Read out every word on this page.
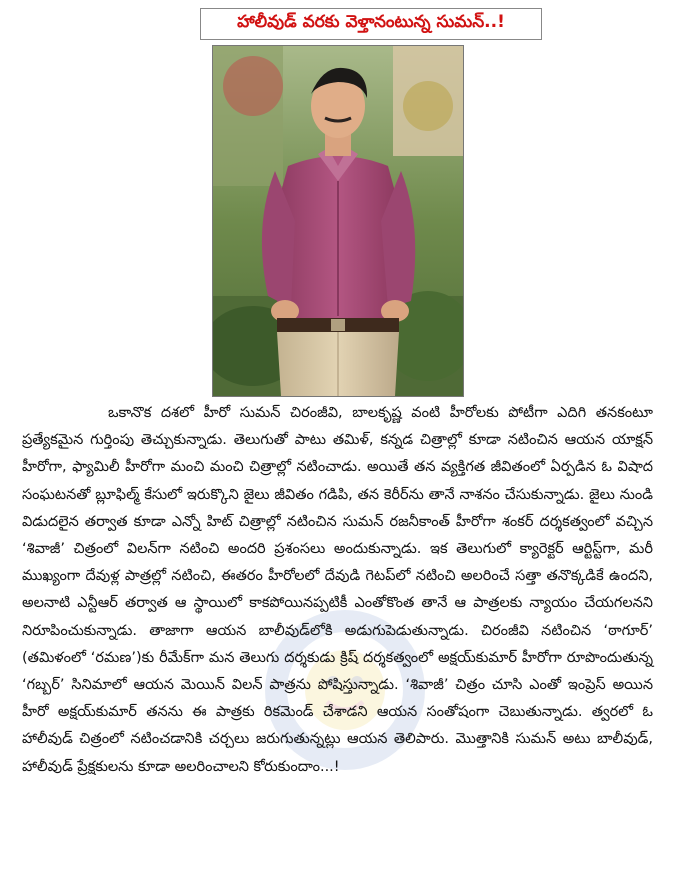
హాలీవుడ్ వరకు వెళ్తానంటున్న సుమన్..!

ఒకానొక దశలో హీరో సుమన్ చిరంజీవి, బాలకృష్ణ వంటి హీరోలకు పోటీగా ఎదిగి తనకంటూ ప్రత్యేకమైన గుర్తింపు తెచ్చుకున్నాడు. తెలుగుతో పాటు తమిళ్, కన్నడ చిత్రాల్లో కూడా నటించిన ఆయన యాక్షన్ హీరోగా, ఫ్యామిలీ హీరోగా మంచి మంచి చిత్రాల్లో నటించాడు. అయితే తన వ్యక్తిగత జీవితంలో ఏర్పడిన ఓ విషాద సంఘటనతో బ్లూఫిల్మ్ కేసులో ఇరుక్కొని జైలు జీవితం గడిపి, తన కెరీర్‌ను తానే నాశనం చేసుకున్నాడు. జైలు నుండి విడుదలైన తర్వాత కూడా ఎన్నో హిట్ చిత్రాల్లో నటించిన సుమన్ రజనీకాంత్ హీరోగా శంకర్ దర్శకత్వంలో వచ్చిన ‘శివాజీ’ చిత్రంలో విలన్‌గా నటించి అందరి ప్రశంసలు అందుకున్నాడు. ఇక తెలుగులో క్యారెక్టర్ ఆర్టిస్ట్‌గా, మరీ ముఖ్యంగా దేవుళ్ల పాత్రల్లో నటించి, ఈతరం హీరోలలో దేవుడి గెటప్‌లో నటించి అలరించే సత్తా తనొక్కడికే ఉందని, అలనాటి ఎన్టీఆర్ తర్వాత ఆ స్థాయిలో కాకపోయినప్పటికీ ఎంతోకొంత తానే ఆ పాత్రలకు న్యాయం చేయగలనని నిరూపించుకున్నాడు. తాజాగా ఆయన బాలీవుడ్‌లోకి అడుగుపెడుతున్నాడు. చిరంజీవి నటించిన ‘ఠాగూర్’ (తమిళంలో ‘రమణ’)కు రీమేక్‌గా మన తెలుగు దర్శకుడు క్రిష్ దర్శకత్వంలో అక్షయ్‌కుమార్ హీరోగా రూపొందుతున్న ‘గబ్బర్’ సినిమాలో ఆయన మెయిన్ విలన్ పాత్రను పోషిస్తున్నాడు. ‘శివాజీ’ చిత్రం చూసి ఎంతో ఇంప్రెస్ అయిన హీరో అక్షయ్‌కుమార్ తనను ఈ పాత్రకు రికమెండ్ చేశాడని ఆయన సంతోషంగా చెబుతున్నాడు. త్వరలో ఓ హాలీవుడ్ చిత్రంలో నటించడానికి చర్చలు జరుగుతున్నట్లు ఆయన తెలిపారు. మొత్తానికి సుమన్ అటు బాలీవుడ్, హాలీవుడ్ ప్రేక్షకులను కూడా అలరించాలని కోరుకుందాం...!
